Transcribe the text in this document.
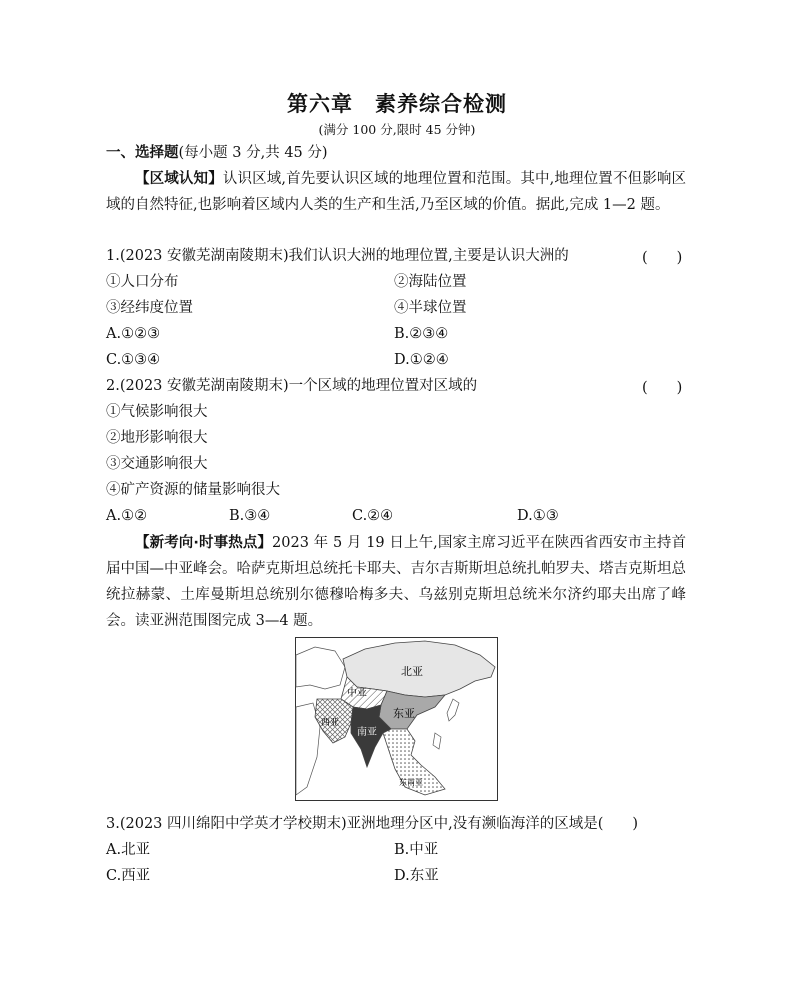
第六章　素养综合检测
(满分 100 分,限时 45 分钟)
一、选择题(每小题 3 分,共 45 分)
【区域认知】认识区域,首先要认识区域的地理位置和范围。其中,地理位置不但影响区域的自然特征,也影响着区域内人类的生产和生活,乃至区域的价值。据此,完成 1—2 题。
1.(2023 安徽芜湖南陵期末)我们认识大洲的地理位置,主要是认识大洲的	(　　)
①人口分布	②海陆位置
③经纬度位置	④半球位置
A.①②③	B.②③④
C.①③④	D.①②④
2.(2023 安徽芜湖南陵期末)一个区域的地理位置对区域的	(　　)
①气候影响很大
②地形影响很大
③交通影响很大
④矿产资源的储量影响很大
A.①②	B.③④	C.②④	D.①③
【新考向·时事热点】2023 年 5 月 19 日上午,国家主席习近平在陕西省西安市主持首届中国—中亚峰会。哈萨克斯坦总统托卡耶夫、吉尔吉斯斯坦总统扎帕罗夫、塔吉克斯坦总统拉赫蒙、土库曼斯坦总统别尔德穆哈梅多夫、乌兹别克斯坦总统米尔济约耶夫出席了峰会。读亚洲范围图完成 3—4 题。
北亚
中亚
东亚
西亚
南亚
东南亚
3.(2023 四川绵阳中学英才学校期末)亚洲地理分区中,没有濒临海洋的区域是(　　)
A.北亚	B.中亚
C.西亚	D.东亚
